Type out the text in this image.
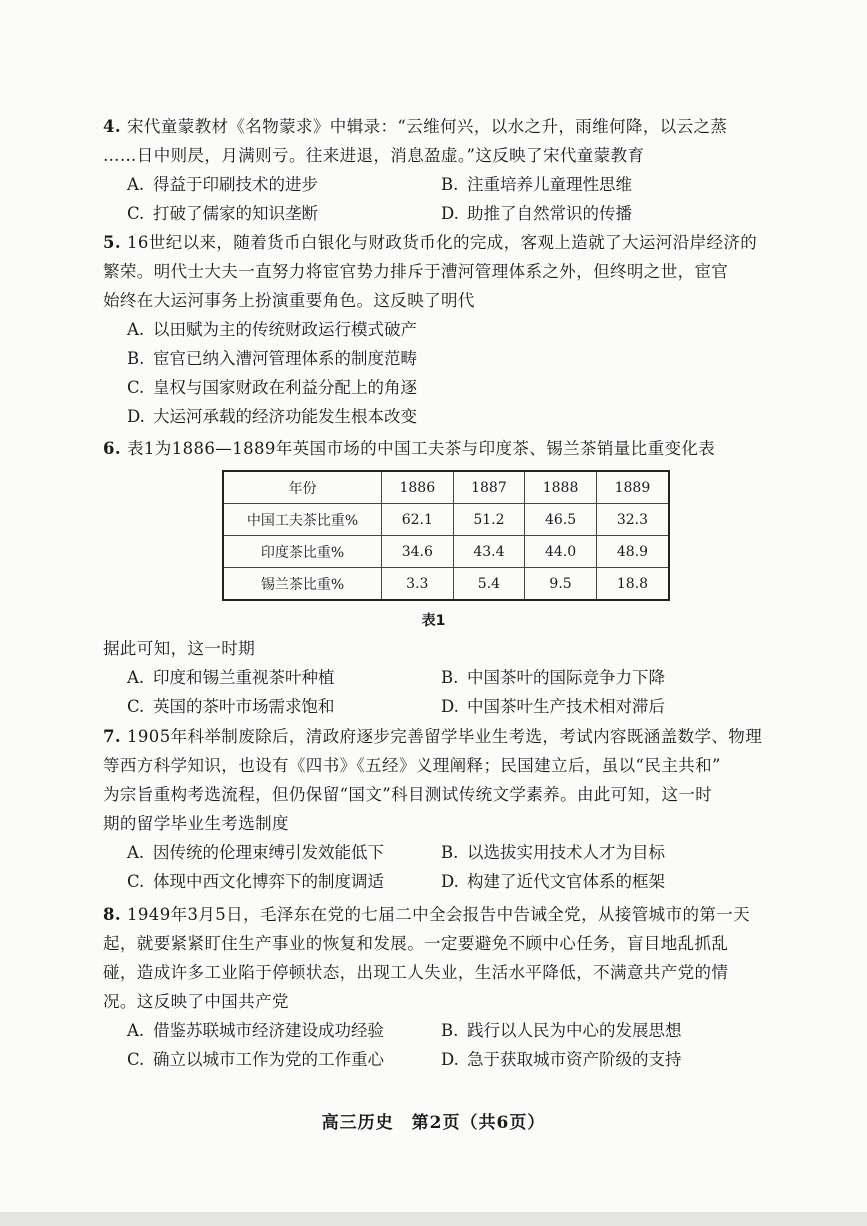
4. 宋代童蒙教材《名物蒙求》中辑录：“云维何兴，以水之升，雨维何降，以云之蒸
……日中则昃，月满则亏。往来进退，消息盈虚。”这反映了宋代童蒙教育
A. 得益于印刷技术的进步	B. 注重培养儿童理性思维
C. 打破了儒家的知识垄断	D. 助推了自然常识的传播
5. 16世纪以来，随着货币白银化与财政货币化的完成，客观上造就了大运河沿岸经济的
繁荣。明代士大夫一直努力将宦官势力排斥于漕河管理体系之外，但终明之世，宦官
始终在大运河事务上扮演重要角色。这反映了明代
A. 以田赋为主的传统财政运行模式破产
B. 宦官已纳入漕河管理体系的制度范畴
C. 皇权与国家财政在利益分配上的角逐
D. 大运河承载的经济功能发生根本改变
6. 表1为1886—1889年英国市场的中国工夫茶与印度茶、锡兰茶销量比重变化表
年份	1886	1887	1888	1889
中国工夫茶比重%	62.1	51.2	46.5	32.3
印度茶比重%	34.6	43.4	44.0	48.9
锡兰茶比重%	3.3	5.4	9.5	18.8
表1
据此可知，这一时期
A. 印度和锡兰重视茶叶种植	B. 中国茶叶的国际竞争力下降
C. 英国的茶叶市场需求饱和	D. 中国茶叶生产技术相对滞后
7. 1905年科举制废除后，清政府逐步完善留学毕业生考选，考试内容既涵盖数学、物理
等西方科学知识，也设有《四书》《五经》义理阐释；民国建立后，虽以“民主共和”
为宗旨重构考选流程，但仍保留“国文”科目测试传统文学素养。由此可知，这一时
期的留学毕业生考选制度
A. 因传统的伦理束缚引发效能低下	B. 以选拔实用技术人才为目标
C. 体现中西文化博弈下的制度调适	D. 构建了近代文官体系的框架
8. 1949年3月5日，毛泽东在党的七届二中全会报告中告诫全党，从接管城市的第一天
起，就要紧紧盯住生产事业的恢复和发展。一定要避免不顾中心任务，盲目地乱抓乱
碰，造成许多工业陷于停顿状态，出现工人失业，生活水平降低，不满意共产党的情
况。这反映了中国共产党
A. 借鉴苏联城市经济建设成功经验	B. 践行以人民为中心的发展思想
C. 确立以城市工作为党的工作重心	D. 急于获取城市资产阶级的支持
高三历史　第2页（共6页）
